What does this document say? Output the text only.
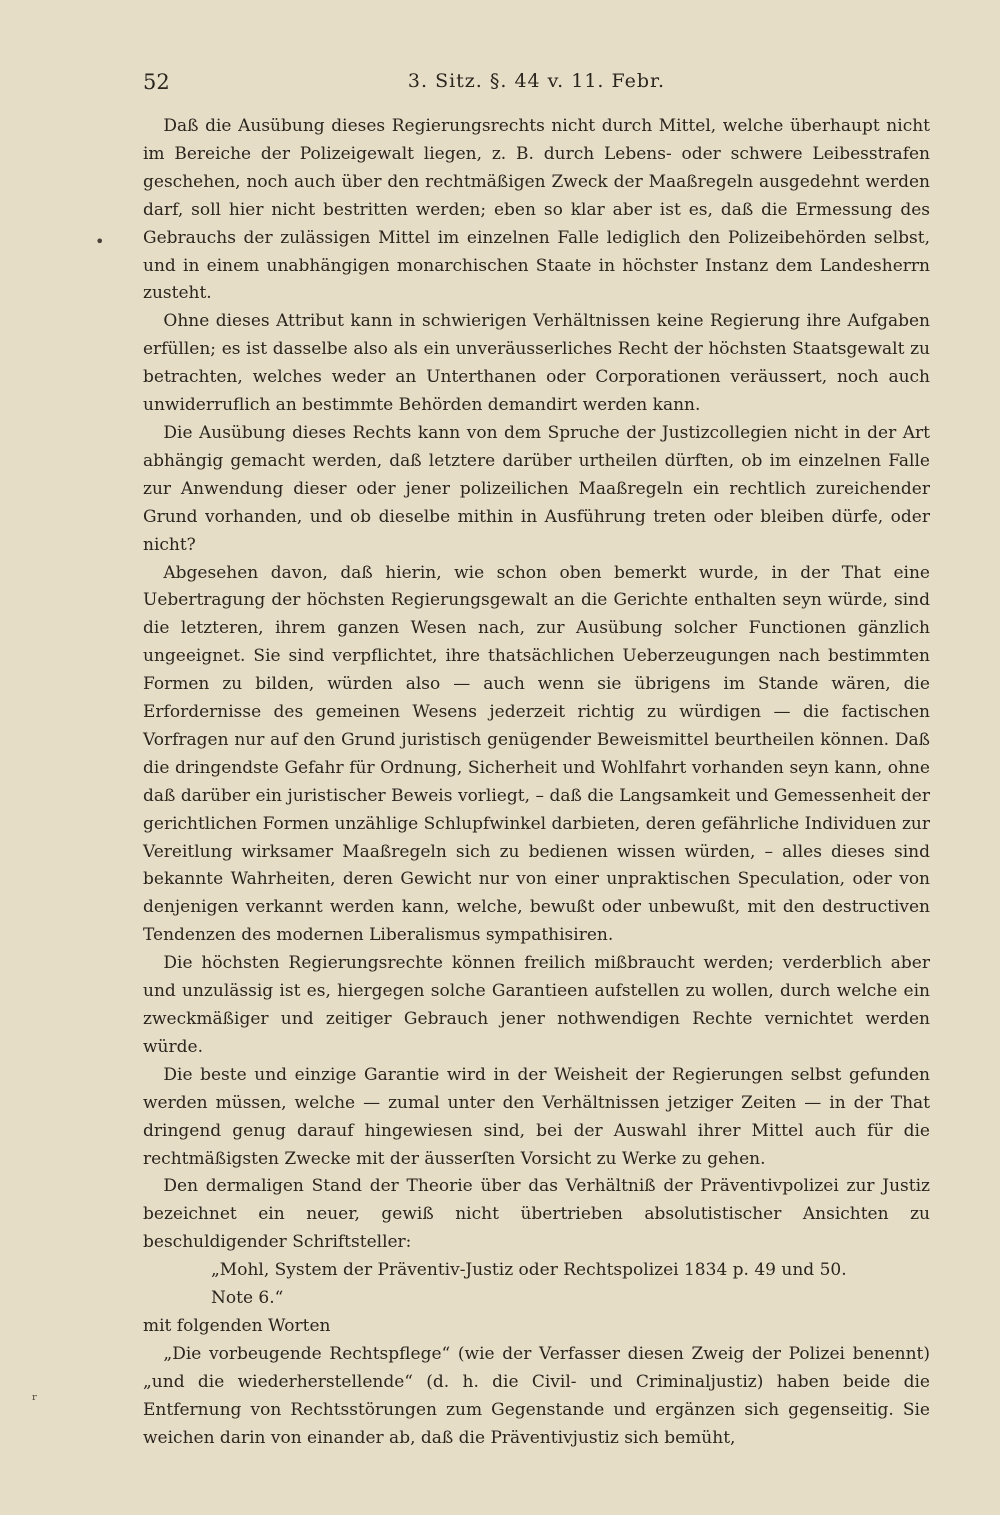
52	3. Sitz. §. 44 v. 11. Febr.

Daß die Ausübung dieses Regierungsrechts nicht durch Mittel, welche überhaupt nicht im Bereiche der Polizeigewalt liegen, z. B. durch Lebens- oder schwere Leibesstrafen geschehen, noch auch über den rechtmäßigen Zweck der Maaßregeln ausgedehnt werden darf, soll hier nicht bestritten werden; eben so klar aber ist es, daß die Ermessung des Gebrauchs der zulässigen Mittel im einzelnen Falle lediglich den Polizeibehörden selbst, und in einem unabhängigen monarchischen Staate in höchster Instanz dem Landesherrn zusteht.

Ohne dieses Attribut kann in schwierigen Verhältnissen keine Regierung ihre Aufgaben erfüllen; es ist dasselbe also als ein unveräusserliches Recht der höchsten Staatsgewalt zu betrachten, welches weder an Unterthanen oder Corporationen veräussert, noch auch unwiderruflich an bestimmte Behörden demandirt werden kann.

Die Ausübung dieses Rechts kann von dem Spruche der Justizcollegien nicht in der Art abhängig gemacht werden, daß letztere darüber urtheilen dürften, ob im einzelnen Falle zur Anwendung dieser oder jener polizeilichen Maaßregeln ein rechtlich zureichender Grund vorhanden, und ob dieselbe mithin in Ausführung treten oder bleiben dürfe, oder nicht?

Abgesehen davon, daß hierin, wie schon oben bemerkt wurde, in der That eine Uebertragung der höchsten Regierungsgewalt an die Gerichte enthalten seyn würde, sind die letzteren, ihrem ganzen Wesen nach, zur Ausübung solcher Functionen gänzlich ungeeignet. Sie sind verpflichtet, ihre thatsächlichen Ueberzeugungen nach bestimmten Formen zu bilden, würden also — auch wenn sie übrigens im Stande wären, die Erfordernisse des gemeinen Wesens jederzeit richtig zu würdigen — die factischen Vorfragen nur auf den Grund juristisch genügender Beweismittel beurtheilen können. Daß die dringendste Gefahr für Ordnung, Sicherheit und Wohlfahrt vorhanden seyn kann, ohne daß darüber ein juristischer Beweis vorliegt, – daß die Langsamkeit und Gemessenheit der gerichtlichen Formen unzählige Schlupfwinkel darbieten, deren gefährliche Individuen zur Vereitlung wirksamer Maaßregeln sich zu bedienen wissen würden, – alles dieses sind bekannte Wahrheiten, deren Gewicht nur von einer unpraktischen Speculation, oder von denjenigen verkannt werden kann, welche, bewußt oder unbewußt, mit den destructiven Tendenzen des modernen Liberalismus sympathisiren.

Die höchsten Regierungsrechte können freilich mißbraucht werden; verderblich aber und unzulässig ist es, hiergegen solche Garantieen aufstellen zu wollen, durch welche ein zweckmäßiger und zeitiger Gebrauch jener nothwendigen Rechte vernichtet werden würde.

Die beste und einzige Garantie wird in der Weisheit der Regierungen selbst gefunden werden müssen, welche — zumal unter den Verhältnissen jetziger Zeiten — in der That dringend genug darauf hingewiesen sind, bei der Auswahl ihrer Mittel auch für die rechtmäßigsten Zwecke mit der äusserſten Vorsicht zu Werke zu gehen.

Den dermaligen Stand der Theorie über das Verhältniß der Präventivpolizei zur Justiz bezeichnet ein neuer, gewiß nicht übertrieben absolutistischer Ansichten zu beschuldigender Schriftsteller:

„Mohl, System der Präventiv-Justiz oder Rechtspolizei 1834 p. 49 und 50.

Note 6.“

mit folgenden Worten

„Die vorbeugende Rechtspflege“ (wie der Verfasser diesen Zweig der Polizei benennt) „und die wiederherstellende“ (d. h. die Civil- und Criminaljustiz) haben beide die Entfernung von Rechtsstörungen zum Gegenstande und ergänzen sich gegenseitig. Sie weichen darin von einander ab, daß die Präventivjustiz sich bemüht,

•
ʳ
